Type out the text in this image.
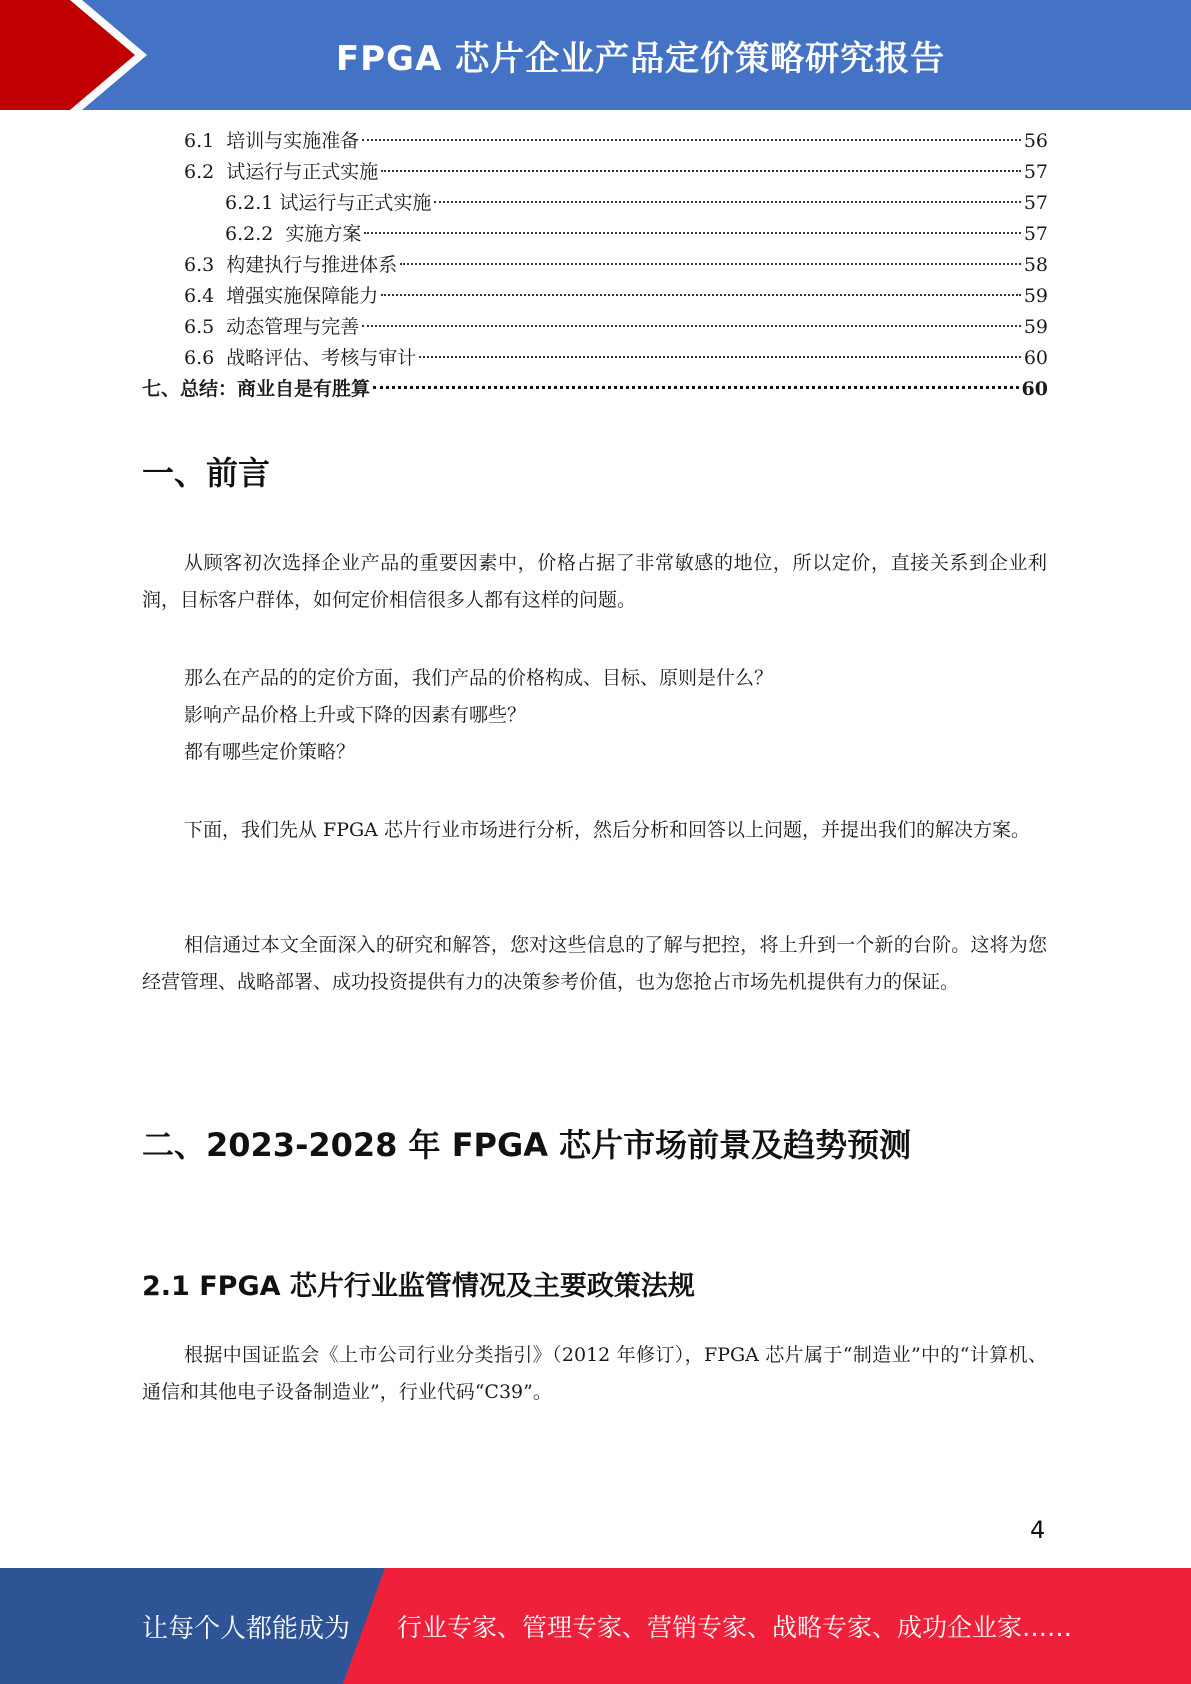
FPGA 芯片企业产品定价策略研究报告
6.1  培训与实施准备	56
6.2  试运行与正式实施	57
6.2.1 试运行与正式实施	57
6.2.2  实施方案	57
6.3  构建执行与推进体系	58
6.4  增强实施保障能力	59
6.5  动态管理与完善	59
6.6  战略评估、考核与审计	60
七、总结：商业自是有胜算	60
一、前言

从顾客初次选择企业产品的重要因素中，价格占据了非常敏感的地位，所以定价，直接关系到企业利润，目标客户群体，如何定价相信很多人都有这样的问题。

那么在产品的的定价方面，我们产品的价格构成、目标、原则是什么？

影响产品价格上升或下降的因素有哪些？

都有哪些定价策略？

下面，我们先从 FPGA 芯片行业市场进行分析，然后分析和回答以上问题，并提出我们的解决方案。

相信通过本文全面深入的研究和解答，您对这些信息的了解与把控，将上升到一个新的台阶。这将为您经营管理、战略部署、成功投资提供有力的决策参考价值，也为您抢占市场先机提供有力的保证。

二、2023-2028 年 FPGA 芯片市场前景及趋势预测
2.1 FPGA 芯片行业监管情况及主要政策法规

根据中国证监会《上市公司行业分类指引》（2012 年修订），FPGA 芯片属于“制造业”中的“计算机、通信和其他电子设备制造业”，行业代码“C39”。

4
让每个人都能成为 行业专家、管理专家、营销专家、战略专家、成功企业家……
